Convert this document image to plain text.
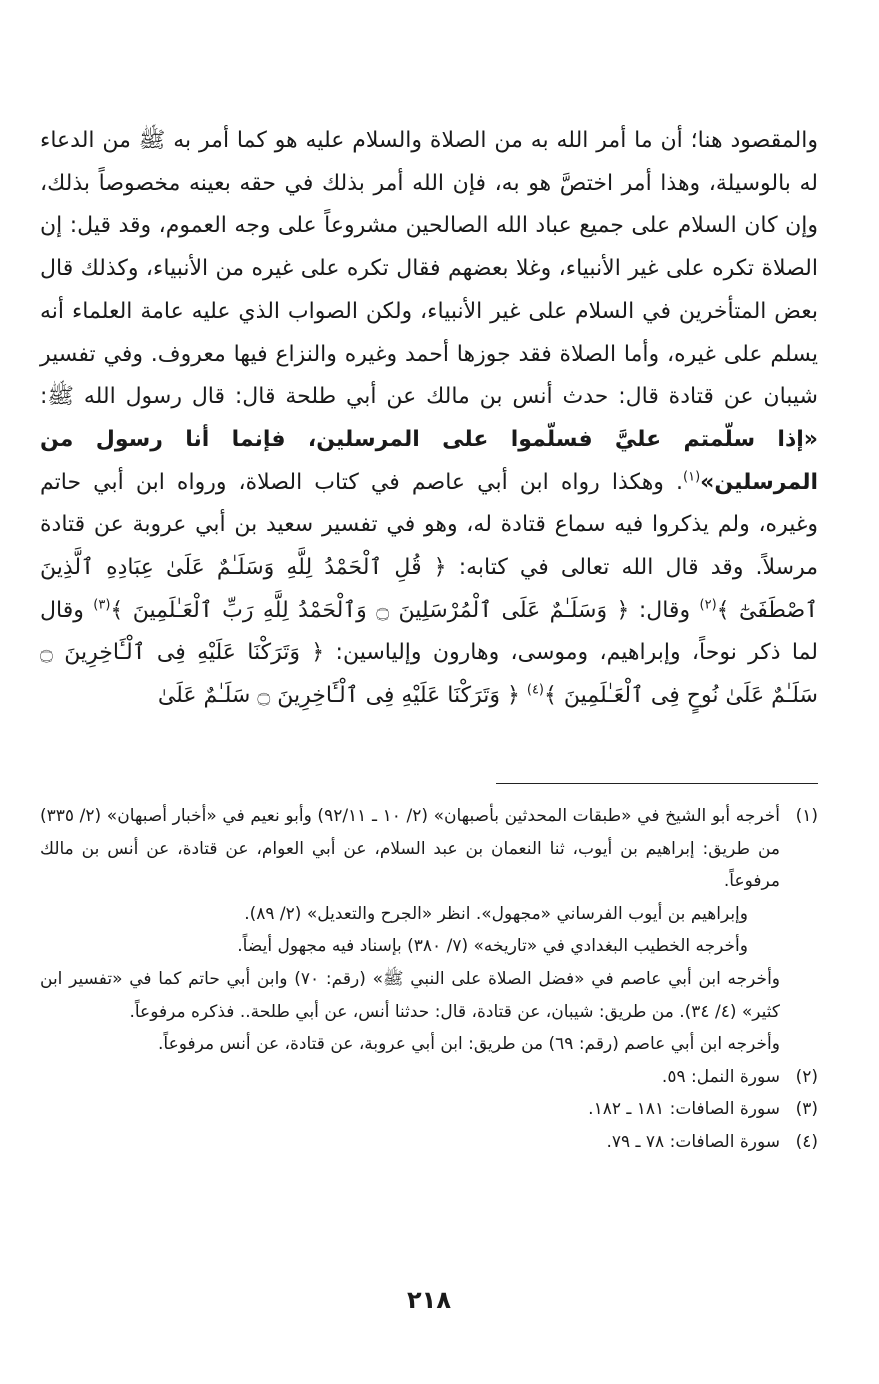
والمقصود هنا؛ أن ما أمر الله به من الصلاة والسلام عليه هو كما أمر به ﷺ من الدعاء له بالوسيلة، وهذا أمر اختصَّ هو به، فإن الله أمر بذلك في حقه بعينه مخصوصاً بذلك، وإن كان السلام على جميع عباد الله الصالحين مشروعاً على وجه العموم، وقد قيل: إن الصلاة تكره على غير الأنبياء، وغلا بعضهم فقال تكره على غيره من الأنبياء، وكذلك قال بعض المتأخرين في السلام على غير الأنبياء، ولكن الصواب الذي عليه عامة العلماء أنه يسلم على غيره، وأما الصلاة فقد جوزها أحمد وغيره والنزاع فيها معروف. وفي تفسير شيبان عن قتادة قال: حدث أنس بن مالك عن أبي طلحة قال: قال رسول الله ﷺ: «إذا سلّمتم عليَّ فسلّموا على المرسلين، فإنما أنا رسول من المرسلين»$^{(١)}$. وهكذا رواه ابن أبي عاصم في كتاب الصلاة، ورواه ابن أبي حاتم وغيره، ولم يذكروا فيه سماع قتادة له، وهو في تفسير سعيد بن أبي عروبة عن قتادة مرسلاً. وقد قال الله تعالى في كتابه: ﴿ قُلِ ٱلْحَمْدُ لِلَّهِ وَسَلَـٰمٌ عَلَىٰ عِبَادِهِ ٱلَّذِينَ ٱصْطَفَىٰٓ ﴾$^{(٢)}$ وقال: ﴿ وَسَلَـٰمٌ عَلَى ٱلْمُرْسَلِينَ ۝ وَٱلْحَمْدُ لِلَّهِ رَبِّ ٱلْعَـٰلَمِينَ ﴾$^{(٣)}$ وقال لما ذكر نوحاً، وإبراهيم، وموسى، وهارون وإلياسين: ﴿ وَتَرَكْنَا عَلَيْهِ فِى ٱلْـَٔاخِرِينَ ۝ سَلَـٰمٌ عَلَىٰ نُوحٍ فِى ٱلْعَـٰلَمِينَ ﴾$^{(٤)}$ ﴿ وَتَرَكْنَا عَلَيْهِ فِى ٱلْـَٔاخِرِينَ ۝ سَلَـٰمٌ عَلَىٰ

(١)

أخرجه أبو الشيخ في «طبقات المحدثين بأصبهان» (٢/ ١٠ ـ ٩٢/١١) وأبو نعيم في «أخبار أصبهان» (٢/ ٣٣٥) من طريق: إبراهيم بن أيوب، ثنا النعمان بن عبد السلام، عن أبي العوام، عن قتادة، عن أنس بن مالك مرفوعاً.

وإبراهيم بن أيوب الفرساني «مجهول». انظر «الجرح والتعديل» (٢/ ٨٩).

وأخرجه الخطيب البغدادي في «تاريخه» (٧/ ٣٨٠) بإسناد فيه مجهول أيضاً.

وأخرجه ابن أبي عاصم في «فضل الصلاة على النبي ﷺ» (رقم: ٧٠) وابن أبي حاتم كما في «تفسير ابن كثير» (٤/ ٣٤). من طريق: شيبان، عن قتادة، قال: حدثنا أنس، عن أبي طلحة.. فذكره مرفوعاً.

وأخرجه ابن أبي عاصم (رقم: ٦٩) من طريق: ابن أبي عروبة، عن قتادة، عن أنس مرفوعاً.

(٢)
سورة النمل: ٥٩.
(٣)
سورة الصافات: ١٨١ ـ ١٨٢.
(٤)
سورة الصافات: ٧٨ ـ ٧٩.
٢١٨
